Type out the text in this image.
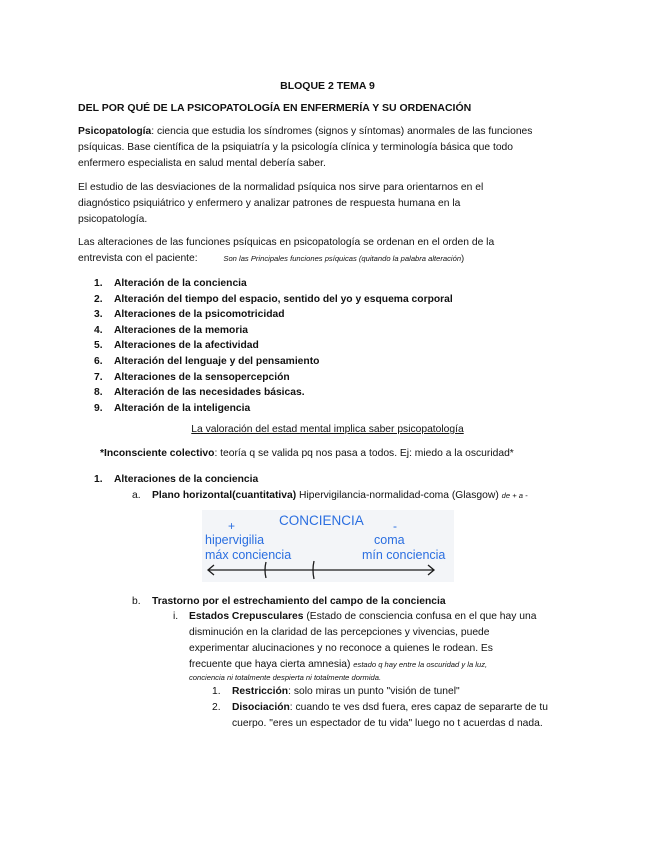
BLOQUE 2 TEMA 9
DEL POR QUÉ DE LA PSICOPATOLOGÍA EN ENFERMERÍA Y SU ORDENACIÓN
Psicopatología: ciencia que estudia los síndromes (signos y síntomas) anormales de las funciones
psíquicas. Base científica de la psiquiatría y la psicología clínica y terminología básica que todo
enfermero especialista en salud mental debería saber.
El estudio de las desviaciones de la normalidad psíquica nos sirve para orientarnos en el
diagnóstico psiquiátrico y enfermero y analizar patrones de respuesta humana en la
psicopatología.
Las alteraciones de las funciones psíquicas en psicopatología se ordenan en el orden de la
entrevista con el paciente:	Son las Principales funciones psíquicas (quitando la palabra alteración)
1.	Alteración de la conciencia
2.	Alteración del tiempo del espacio, sentido del yo y esquema corporal
3.	Alteraciones de la psicomotricidad
4.	Alteraciones de la memoria
5.	Alteraciones de la afectividad
6.	Alteración del lenguaje y del pensamiento
7.	Alteraciones de la sensopercepción
8.	Alteración de las necesidades básicas.
9.	Alteración de la inteligencia
La valoración del estad mental implica saber psicopatología
*Inconsciente colectivo: teoría q se valida pq nos pasa a todos. Ej: miedo a la oscuridad*
1. Alteraciones de la conciencia
a. Plano horizontal(cuantitativa) Hipervigilancia-normalidad-coma (Glasgow) de + a -
CONCIENCIA
+	-
hipervigilia
máx conciencia
coma
mín conciencia
b. Trastorno por el estrechamiento del campo de la conciencia
i. Estados Crepusculares (Estado de consciencia confusa en el que hay una
disminución en la claridad de las percepciones y vivencias, puede
experimentar alucinaciones y no reconoce a quienes le rodean. Es
frecuente que haya cierta amnesia) estado q hay entre la oscuridad y la luz,
conciencia ni totalmente despierta ni totalmente dormida.
1. Restricción: solo miras un punto "visión de tunel"
2. Disociación: cuando te ves dsd fuera, eres capaz de separarte de tu
cuerpo. "eres un espectador de tu vida" luego no t acuerdas d nada.
